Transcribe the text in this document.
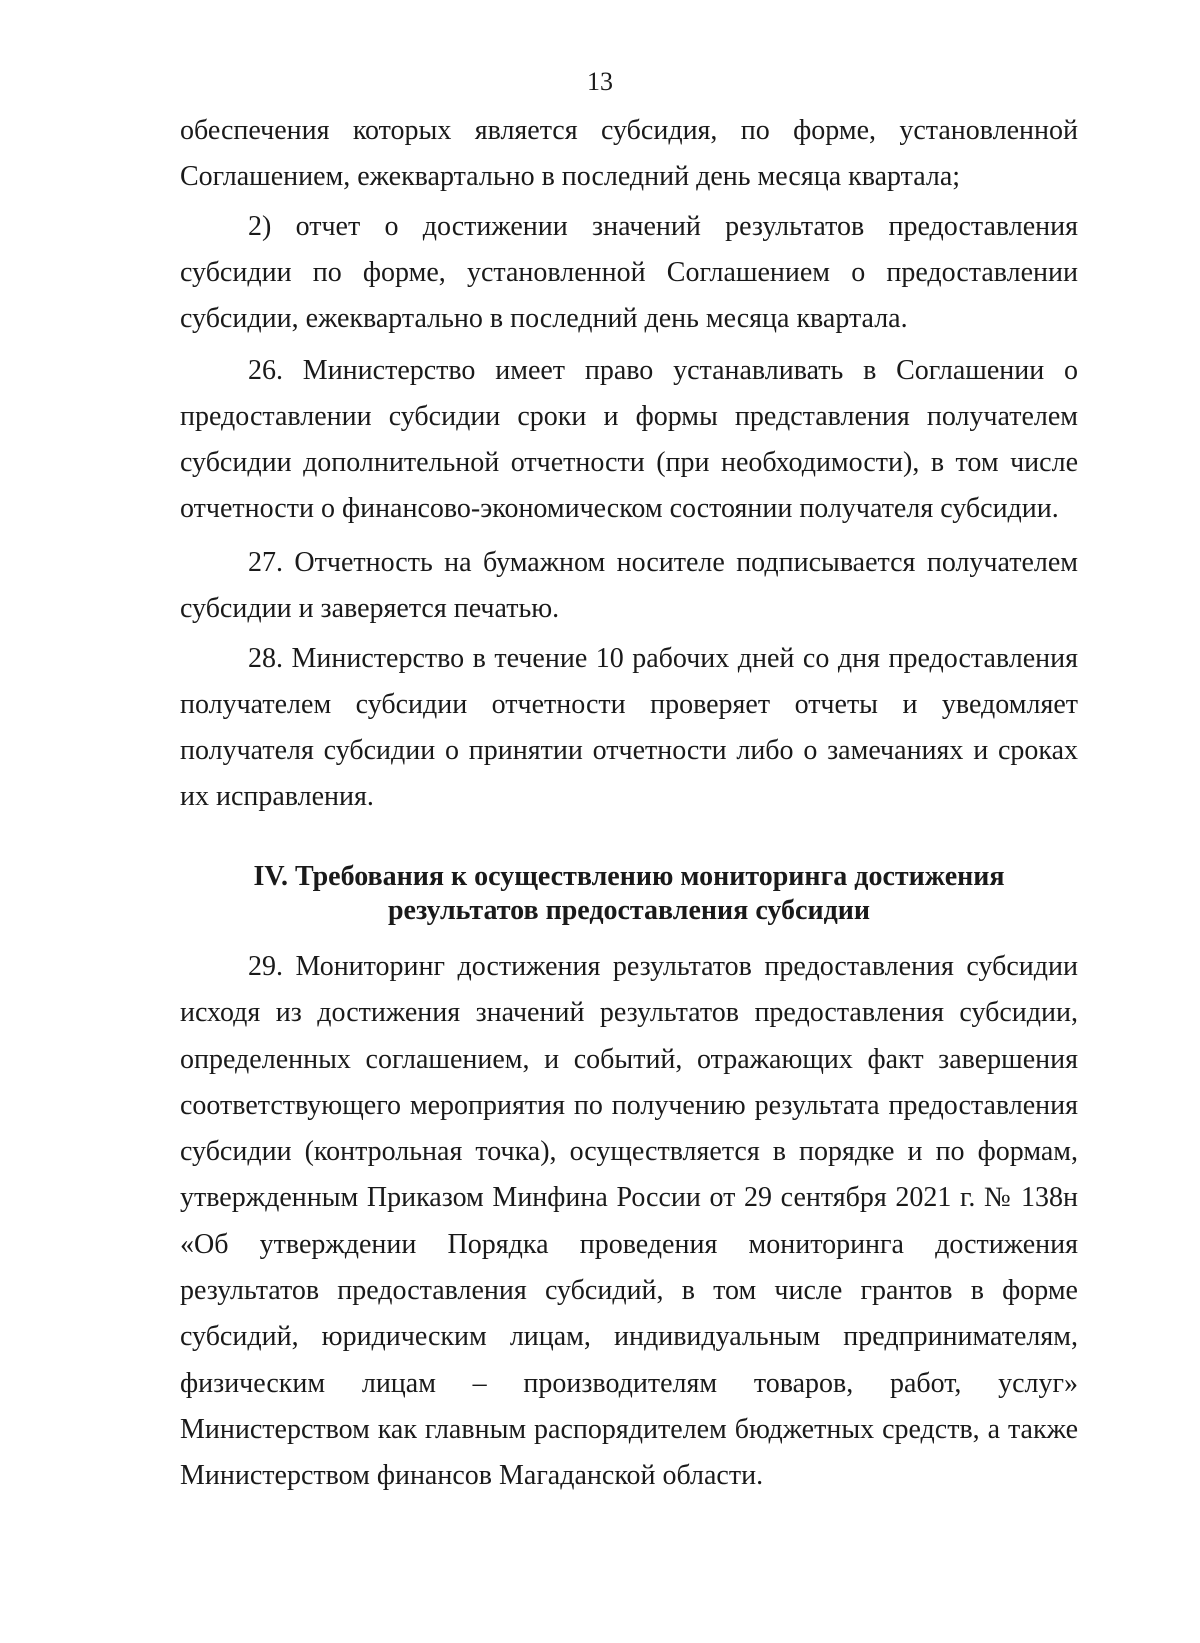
13

обеспечения которых является субсидия, по форме, установленной Соглашением, ежеквартально в последний день месяца квартала;

2) отчет о достижении значений результатов предоставления субсидии по форме, установленной Соглашением о предоставлении субсидии, ежеквартально в последний день месяца квартала.

26. Министерство имеет право устанавливать в Соглашении о предоставлении субсидии сроки и формы представления получателем субсидии дополнительной отчетности (при необходимости), в том числе отчетности о финансово-экономическом состоянии получателя субсидии.

27. Отчетность на бумажном носителе подписывается получателем субсидии и заверяется печатью.

28. Министерство в течение 10 рабочих дней со дня предоставления получателем субсидии отчетности проверяет отчеты и уведомляет получателя субсидии о принятии отчетности либо о замечаниях и сроках их исправления.

IV. Требования к осуществлению мониторинга достижения
результатов предоставления субсидии

29. Мониторинг достижения результатов предоставления субсидии исходя из достижения значений результатов предоставления субсидии, определенных соглашением, и событий, отражающих факт завершения соответствующего мероприятия по получению результата предоставления субсидии (контрольная точка), осуществляется в порядке и по формам, утвержденным Приказом Минфина России от 29 сентября 2021 г. № 138н «Об утверждении Порядка проведения мониторинга достижения результатов предоставления субсидий, в том числе грантов в форме субсидий, юридическим лицам, индивидуальным предпринимателям, физическим лицам – производителям товаров, работ, услуг» Министерством как главным распорядителем бюджетных средств, а также Министерством финансов Магаданской области.
